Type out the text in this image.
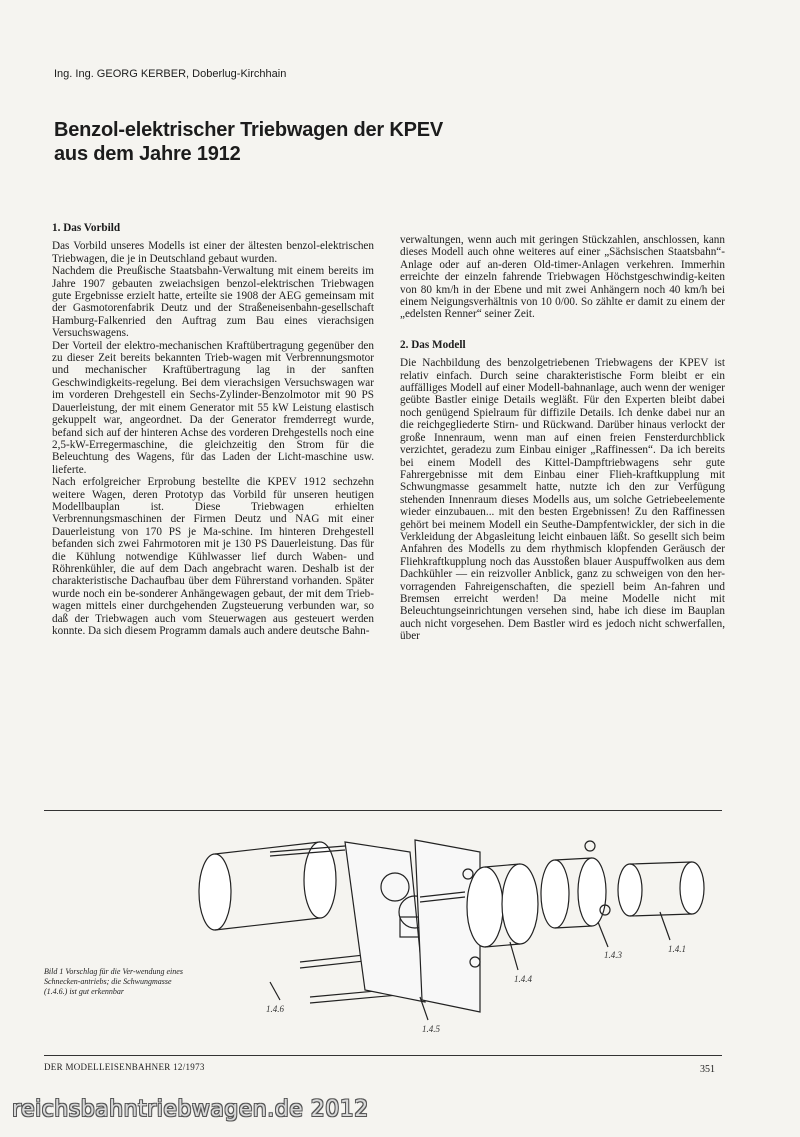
Ing. Ing. GEORG KERBER, Doberlug-Kirchhain
Benzol-elektrischer Triebwagen der KPEV
aus dem Jahre 1912
1. Das Vorbild

Das Vorbild unseres Modells ist einer der ältesten benzol-elektrischen Triebwagen, die je in Deutschland gebaut wurden.

Nachdem die Preußische Staatsbahn-Verwaltung mit einem bereits im Jahre 1907 gebauten zweiachsigen benzol-elektrischen Triebwagen gute Ergebnisse erzielt hatte, erteilte sie 1908 der AEG gemeinsam mit der Gasmotorenfabrik Deutz und der Straßeneisenbahn-gesellschaft Hamburg-Falkenried den Auftrag zum Bau eines vierachsigen Versuchswagens.

Der Vorteil der elektro-mechanischen Kraftübertragung gegenüber den zu dieser Zeit bereits bekannten Trieb-wagen mit Verbrennungsmotor und mechanischer Kraftübertragung lag in der sanften Geschwindigkeits-regelung. Bei dem vierachsigen Versuchswagen war im vorderen Drehgestell ein Sechs-Zylinder-Benzolmotor mit 90 PS Dauerleistung, der mit einem Generator mit 55 kW Leistung elastisch gekuppelt war, angeordnet. Da der Generator fremderregt wurde, befand sich auf der hinteren Achse des vorderen Drehgestells noch eine 2,5-kW-Erregermaschine, die gleichzeitig den Strom für die Beleuchtung des Wagens, für das Laden der Licht-maschine usw. lieferte.

Nach erfolgreicher Erprobung bestellte die KPEV 1912 sechzehn weitere Wagen, deren Prototyp das Vorbild für unseren heutigen Modellbauplan ist. Diese Triebwagen erhielten Verbrennungsmaschinen der Firmen Deutz und NAG mit einer Dauerleistung von 170 PS je Ma-schine. Im hinteren Drehgestell befanden sich zwei Fahrmotoren mit je 130 PS Dauerleistung. Das für die Kühlung notwendige Kühlwasser lief durch Waben- und Röhrenkühler, die auf dem Dach angebracht waren. Deshalb ist der charakteristische Dachaufbau über dem Führerstand vorhanden. Später wurde noch ein be-sonderer Anhängewagen gebaut, der mit dem Trieb-wagen mittels einer durchgehenden Zugsteuerung verbunden war, so daß der Triebwagen auch vom Steuerwagen aus gesteuert werden konnte. Da sich diesem Programm damals auch andere deutsche Bahn-

verwaltungen, wenn auch mit geringen Stückzahlen, anschlossen, kann dieses Modell auch ohne weiteres auf einer „Sächsischen Staatsbahn“-Anlage oder auf an-deren Old-timer-Anlagen verkehren. Immerhin erreichte der einzeln fahrende Triebwagen Höchstgeschwindig-keiten von 80 km/h in der Ebene und mit zwei Anhängern noch 40 km/h bei einem Neigungsverhältnis von 10 0/00. So zählte er damit zu einem der „edelsten Renner“ seiner Zeit.

2. Das Modell

Die Nachbildung des benzolgetriebenen Triebwagens der KPEV ist relativ einfach. Durch seine charakteristische Form bleibt er ein auffälliges Modell auf einer Modell-bahnanlage, auch wenn der weniger geübte Bastler einige Details wegläßt. Für den Experten bleibt dabei noch genügend Spielraum für diffizile Details. Ich denke dabei nur an die reichgegliederte Stirn- und Rückwand. Darüber hinaus verlockt der große Innenraum, wenn man auf einen freien Fensterdurchblick verzichtet, geradezu zum Einbau einiger „Raffinessen“. Da ich bereits bei einem Modell des Kittel-Dampftriebwagens sehr gute Fahrergebnisse mit dem Einbau einer Flieh-kraftkupplung mit Schwungmasse gesammelt hatte, nutzte ich den zur Verfügung stehenden Innenraum dieses Modells aus, um solche Getriebeelemente wieder einzubauen... mit den besten Ergebnissen! Zu den Raffinessen gehört bei meinem Modell ein Seuthe-Dampfentwickler, der sich in die Verkleidung der Abgasleitung leicht einbauen läßt. So gesellt sich beim Anfahren des Modells zu dem rhythmisch klopfenden Geräusch der Fliehkraftkupplung noch das Ausstoßen blauer Auspuffwolken aus dem Dachkühler — ein reizvoller Anblick, ganz zu schweigen von den her-vorragenden Fahreigenschaften, die speziell beim An-fahren und Bremsen erreicht werden! Da meine Modelle nicht mit Beleuchtungseinrichtungen versehen sind, habe ich diese im Bauplan auch nicht vorgesehen. Dem Bastler wird es jedoch nicht schwerfallen, über

1.4.6
1.4.5
1.4.4
1.4.3
1.4.1
Bild 1 Vorschlag für die Ver-wendung eines Schnecken-antriebs; die Schwungmasse (1.4.6.) ist gut erkennbar
DER MODELLEISENBAHNER 12/1973	351
reichsbahntriebwagen.de 2012
